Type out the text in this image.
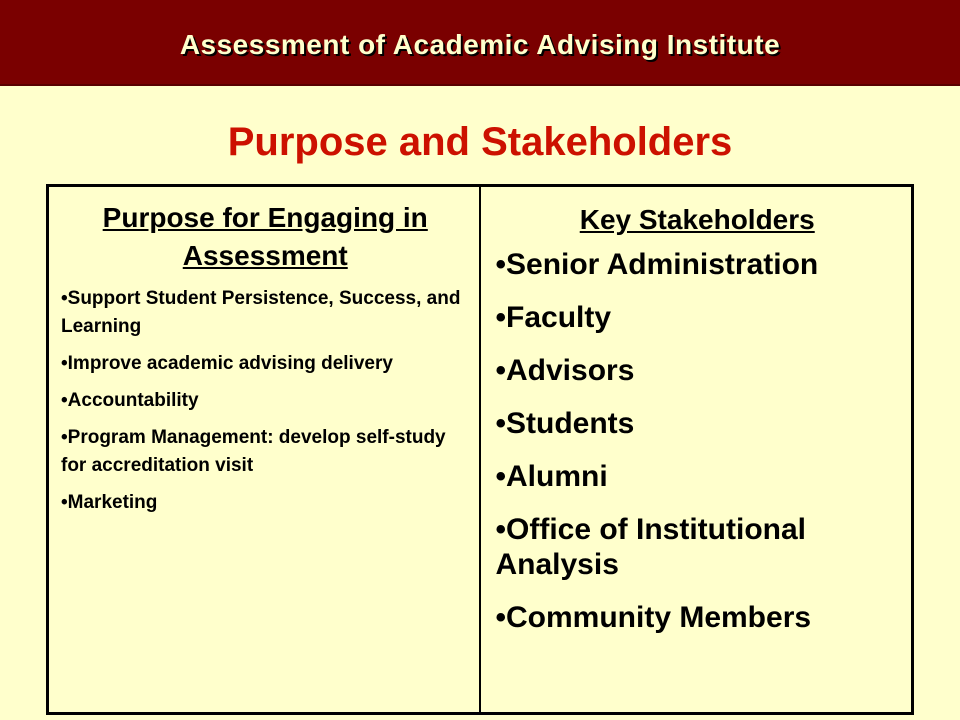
Assessment of Academic Advising Institute
Purpose and Stakeholders
Purpose for Engaging in Assessment
•Support Student Persistence, Success, and Learning
•Improve academic advising delivery
•Accountability
•Program Management: develop self-study for accreditation visit
•Marketing
Key Stakeholders
•Senior Administration
•Faculty
•Advisors
•Students
•Alumni
•Office of Institutional Analysis
•Community Members
